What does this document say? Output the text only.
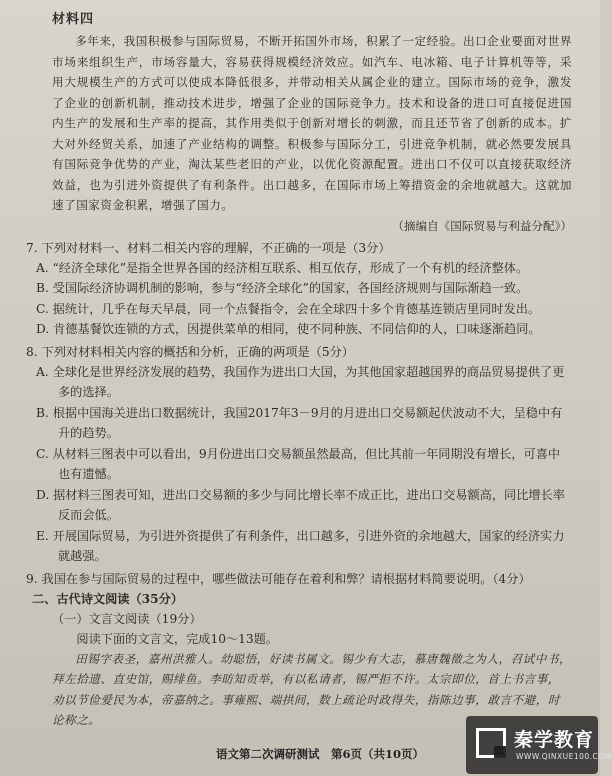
材料四

多年来，我国积极参与国际贸易，不断开拓国外市场，积累了一定经验。出口企业要面对世界市场来组织生产，市场容量大，容易获得规模经济效应。如汽车、电冰箱、电子计算机等等，采用大规模生产的方式可以使成本降低很多，并带动相关从属企业的建立。国际市场的竞争，激发了企业的创新机制，推动技术进步，增强了企业的国际竞争力。技术和设备的进口可直接促进国内生产的发展和生产率的提高，其作用类似于创新对增长的刺激，而且还节省了创新的成本。扩大对外经贸关系，加速了产业结构的调整。积极参与国际分工，引进竞争机制，就必然要发展具有国际竞争优势的产业，淘汰某些老旧的产业，以优化资源配置。进出口不仅可以直接获取经济效益，也为引进外资提供了有利条件。出口越多，在国际市场上筹措资金的余地就越大。这就加速了国家资金积累，增强了国力。

（摘编自《国际贸易与利益分配》）

7. 下列对材料一、材料二相关内容的理解，不正确的一项是（3分）

A. “经济全球化”是指全世界各国的经济相互联系、相互依存，形成了一个有机的经济整体。

B. 受国际经济协调机制的影响，参与“经济全球化”的国家，各国经济规则与国际渐趋一致。

C. 据统计，几乎在每天早晨，同一个点餐指令，会在全球四十多个肯德基连锁店里同时发出。

D. 肯德基餐饮连锁的方式，因提供菜单的相同，使不同种族、不同信仰的人，口味逐渐趋同。

8. 下列对材料相关内容的概括和分析，正确的两项是（5分）

A. 全球化是世界经济发展的趋势，我国作为进出口大国，为其他国家超越国界的商品贸易提供了更多的选择。

B. 根据中国海关进出口数据统计，我国2017年3－9月的月进出口交易额起伏波动不大，呈稳中有升的趋势。

C. 从材料三图表中可以看出，9月份进出口交易额虽然最高，但比其前一年同期没有增长，可喜中也有遗憾。

D. 据材料三图表可知，进出口交易额的多少与同比增长率不成正比，进出口交易额高，同比增长率反而会低。

E. 开展国际贸易，为引进外资提供了有利条件，出口越多，引进外资的余地越大，国家的经济实力就越强。

9. 我国在参与国际贸易的过程中，哪些做法可能存在着利和弊？请根据材料简要说明。（4分）

二、古代诗文阅读（35分）

（一）文言文阅读（19分）

阅读下面的文言文，完成10～13题。

田锡字表圣，嘉州洪雅人。幼聪悟，好读书属文。锡少有大志，慕唐魏徵之为人，召试中书，拜左拾遗、直史馆，赐绯鱼。李昉知贡举，有以私请者，锡严拒不许。太宗即位，首上书言事，劝以节俭爱民为本，帝嘉纳之。事雍熙、端拱间，数上疏论时政得失，指陈边事，敢言不避，时论称之。

语文第二次调研测试　第6页（共10页）
秦学教育
WWW.QINXUE100.COM
